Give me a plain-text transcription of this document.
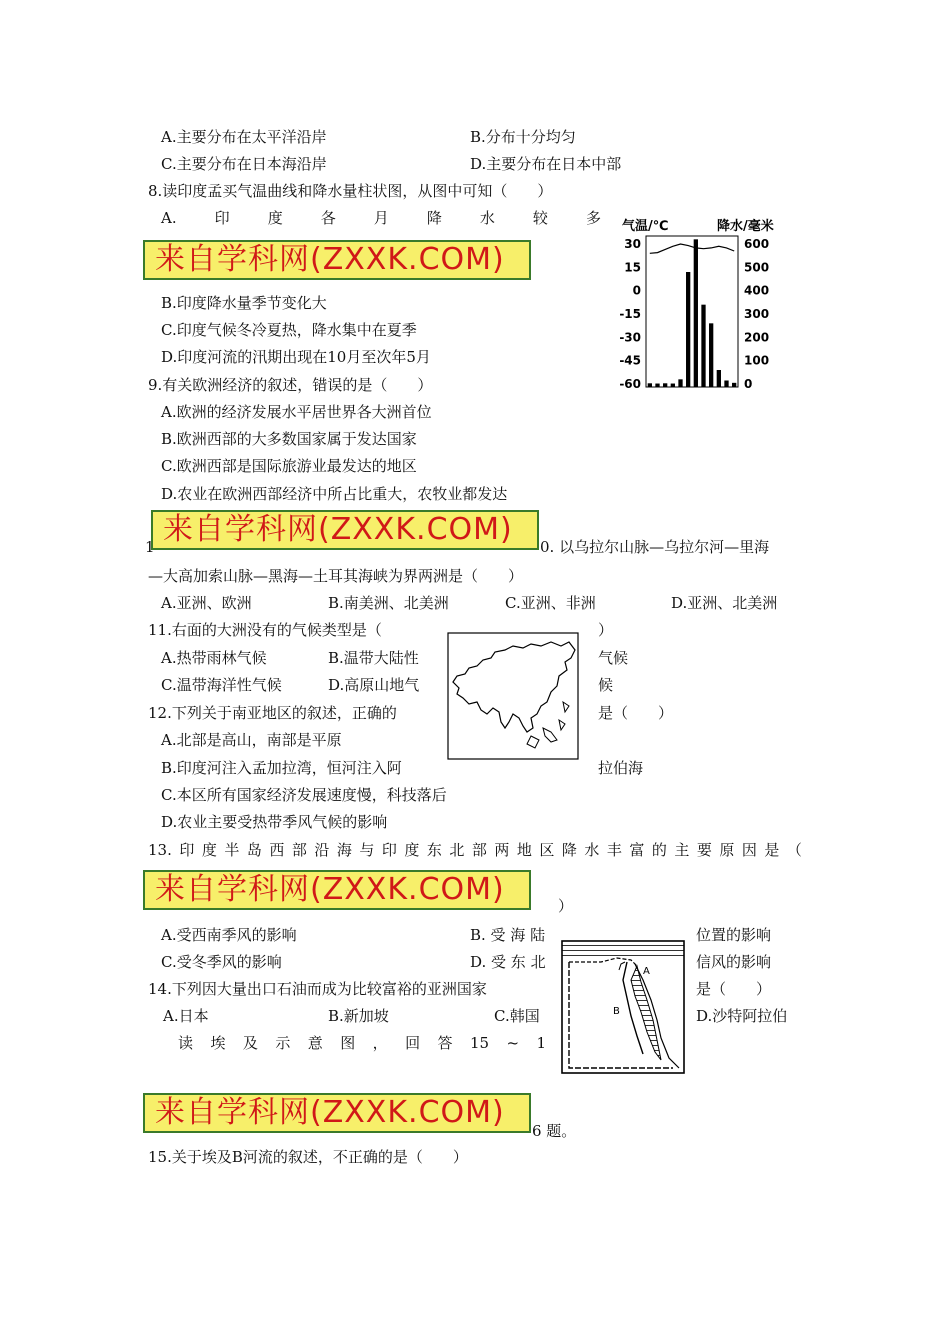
A.主要分布在太平洋沿岸	B.分布十分均匀
C.主要分布在日本海沿岸	D.主要分布在日本中部
8.读印度孟买气温曲线和降水量柱状图，从图中可知（　　）
A.	印	度	各	月	降	水	较	多
来自学科网(ZXXK.COM)
B.印度降水量季节变化大
C.印度气候冬冷夏热，降水集中在夏季
D.印度河流的汛期出现在10月至次年5月
气温/℃	降水/毫米
30
15
0
-15
-30
-45
-60
600
500
400
300
200
100
0
9.有关欧洲经济的叙述，错误的是（　　）
A.欧洲的经济发展水平居世界各大洲首位
B.欧洲西部的大多数国家属于发达国家
C.欧洲西部是国际旅游业最发达的地区
D.农业在欧洲西部经济中所占比重大，农牧业都发达
来自学科网(ZXXK.COM)
1	0. 以乌拉尔山脉—乌拉尔河—里海
—大高加索山脉—黑海—土耳其海峡为界两洲是（　　）
A.亚洲、欧洲	B.南美洲、北美洲	C.亚洲、非洲	D.亚洲、北美洲
11.右面的大洲没有的气候类型是（	）
A.热带雨林气候	B.温带大陆性	气候
C.温带海洋性气候	D.高原山地气	候
12.下列关于南亚地区的叙述，正确的	是（　　）
A.北部是高山，南部是平原
B.印度河注入孟加拉湾，恒河注入阿	拉伯海
C.本区所有国家经济发展速度慢，科技落后
D.农业主要受热带季风气候的影响
13. 印 度 半 岛 西 部 沿 海 与 印 度 东 北 部 两 地 区 降 水 丰 富 的 主 要 原 因 是 （
来自学科网(ZXXK.COM)	）
A.受西南季风的影响	B. 受 海 陆	位置的影响
C.受冬季风的影响	D. 受 东 北	信风的影响
A
B
14.下列因大量出口石油而成为比较富裕的亚洲国家	是（　　）
A.日本	B.新加坡	C.韩国	D.沙特阿拉伯
读 埃 及 示 意 图 ， 回 答 15 ~ 1
来自学科网(ZXXK.COM)
6 题。
15.关于埃及B河流的叙述，不正确的是（　　）
